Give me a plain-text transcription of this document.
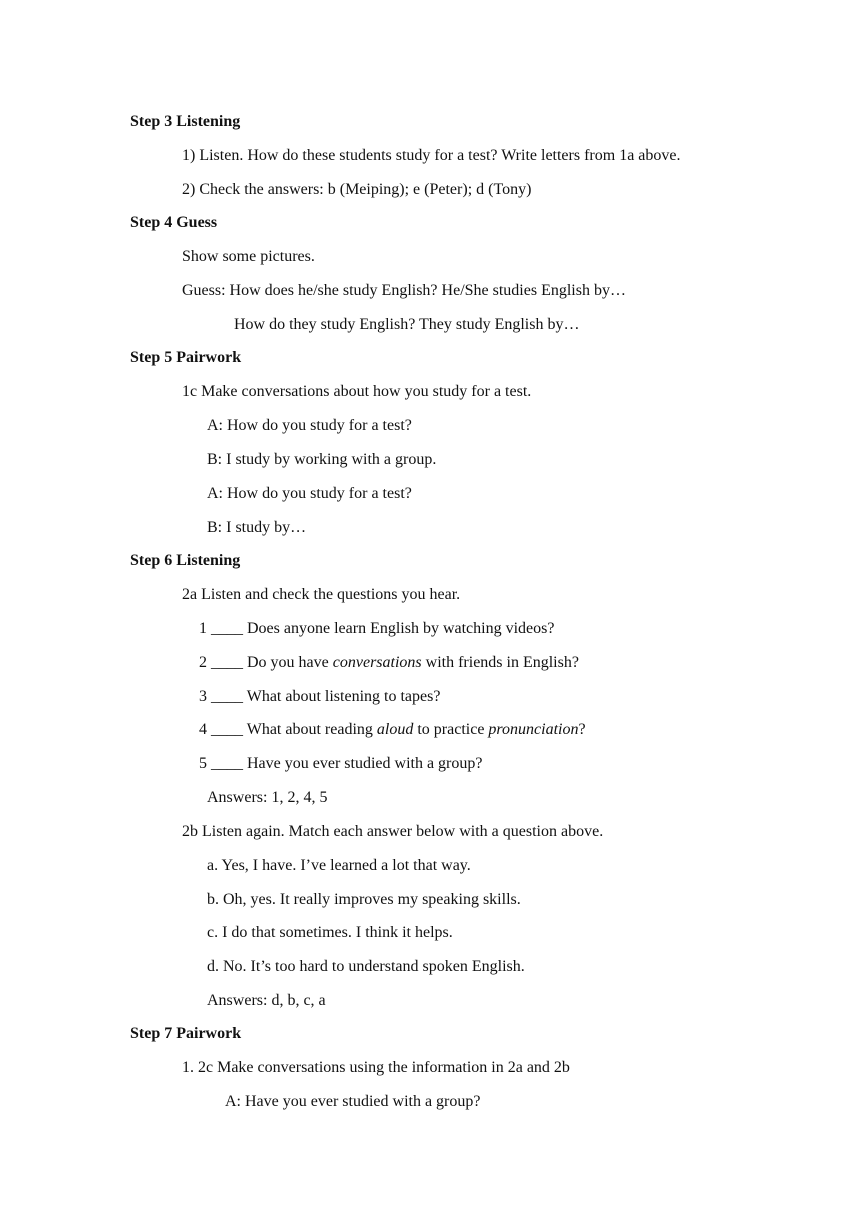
Step 3 Listening
1) Listen. How do these students study for a test? Write letters from 1a above.
2) Check the answers: b (Meiping); e (Peter); d (Tony)
Step 4 Guess
Show some pictures.
Guess: How does he/she study English? He/She studies English by…
How do they study English? They study English by…
Step 5 Pairwork
1c Make conversations about how you study for a test.
A: How do you study for a test?
B: I study by working with a group.
A: How do you study for a test?
B: I study by…
Step 6 Listening
2a Listen and check the questions you hear.
1 ____ Does anyone learn English by watching videos?
2 ____ Do you have conversations with friends in English?
3 ____ What about listening to tapes?
4 ____ What about reading aloud to practice pronunciation?
5 ____ Have you ever studied with a group?
Answers: 1, 2, 4, 5
2b Listen again. Match each answer below with a question above.
a. Yes, I have. I’ve learned a lot that way.
b. Oh, yes. It really improves my speaking skills.
c. I do that sometimes. I think it helps.
d. No. It’s too hard to understand spoken English.
Answers: d, b, c, a
Step 7 Pairwork
1. 2c Make conversations using the information in 2a and 2b
A: Have you ever studied with a group?
